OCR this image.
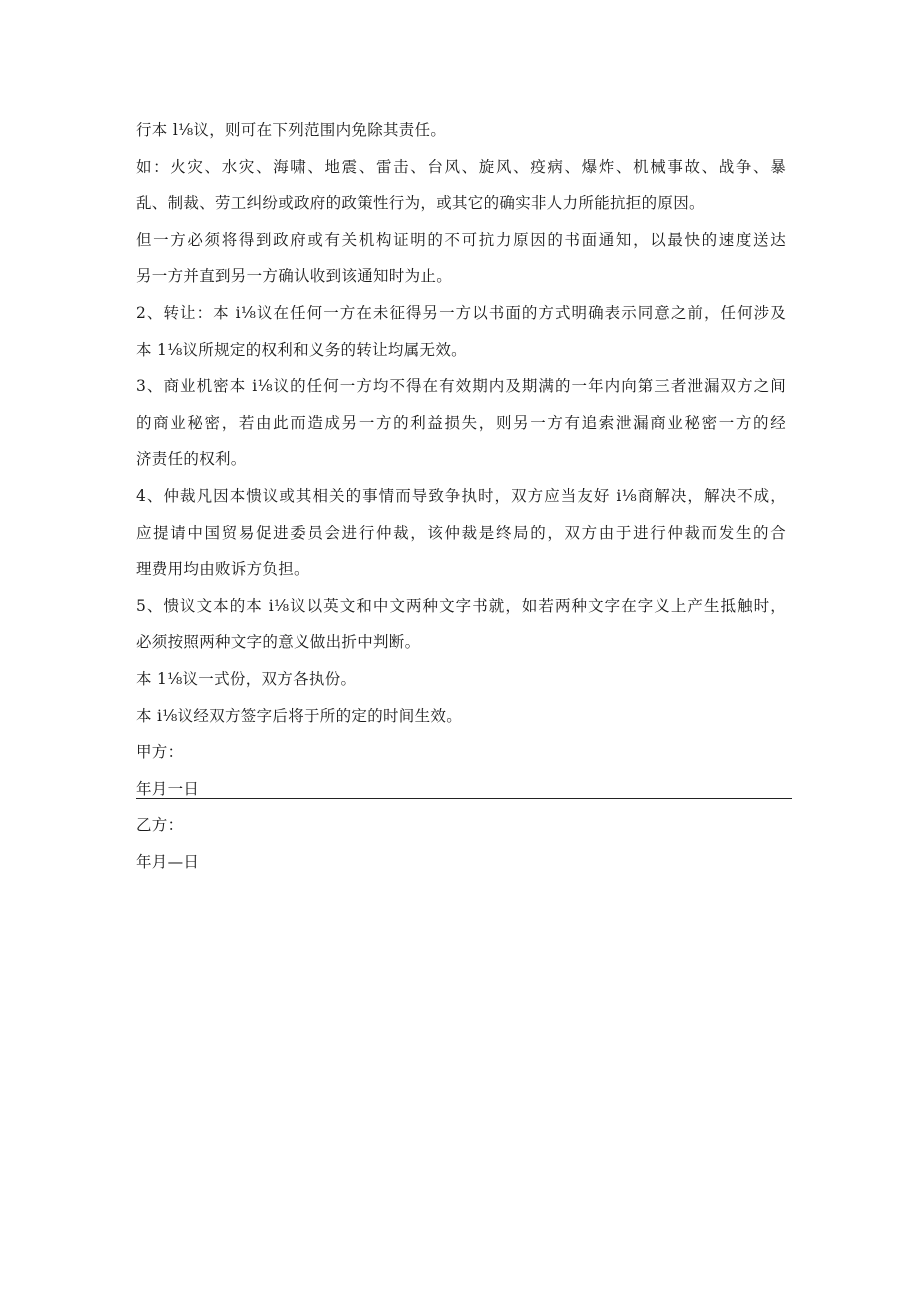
行本 l⅛议，则可在下列范围内免除其责任。
如：火灾、水灾、海啸、地震、雷击、台风、旋风、疫病、爆炸、机械事故、战争、暴
乱、制裁、劳工纠纷或政府的政策性行为，或其它的确实非人力所能抗拒的原因。
但一方必须将得到政府或有关机构证明的不可抗力原因的书面通知，以最快的速度送达
另一方并直到另一方确认收到该通知时为止。
2、转让：本 i⅛议在任何一方在未征得另一方以书面的方式明确表示同意之前，任何涉及
本 1⅛议所规定的权利和义务的转让均属无效。
3、商业机密本 i⅛议的任何一方均不得在有效期内及期满的一年内向第三者泄漏双方之间
的商业秘密，若由此而造成另一方的利益损失，则另一方有追索泄漏商业秘密一方的经
济责任的权利。
4、仲裁凡因本愦议或其相关的事情而导致争执时，双方应当友好 i⅛商解决，解决不成，
应提请中国贸易促进委员会进行仲裁，该仲裁是终局的，双方由于进行仲裁而发生的合
理费用均由败诉方负担。
5、愦议文本的本 i⅛议以英文和中文两种文字书就，如若两种文字在字义上产生抵触时，
必须按照两种文字的意义做出折中判断。
本 1⅛议一式份，双方各执份。
本 i⅛议经双方签字后将于所的定的时间生效。
甲方：
年月一日
乙方：
年月—日
